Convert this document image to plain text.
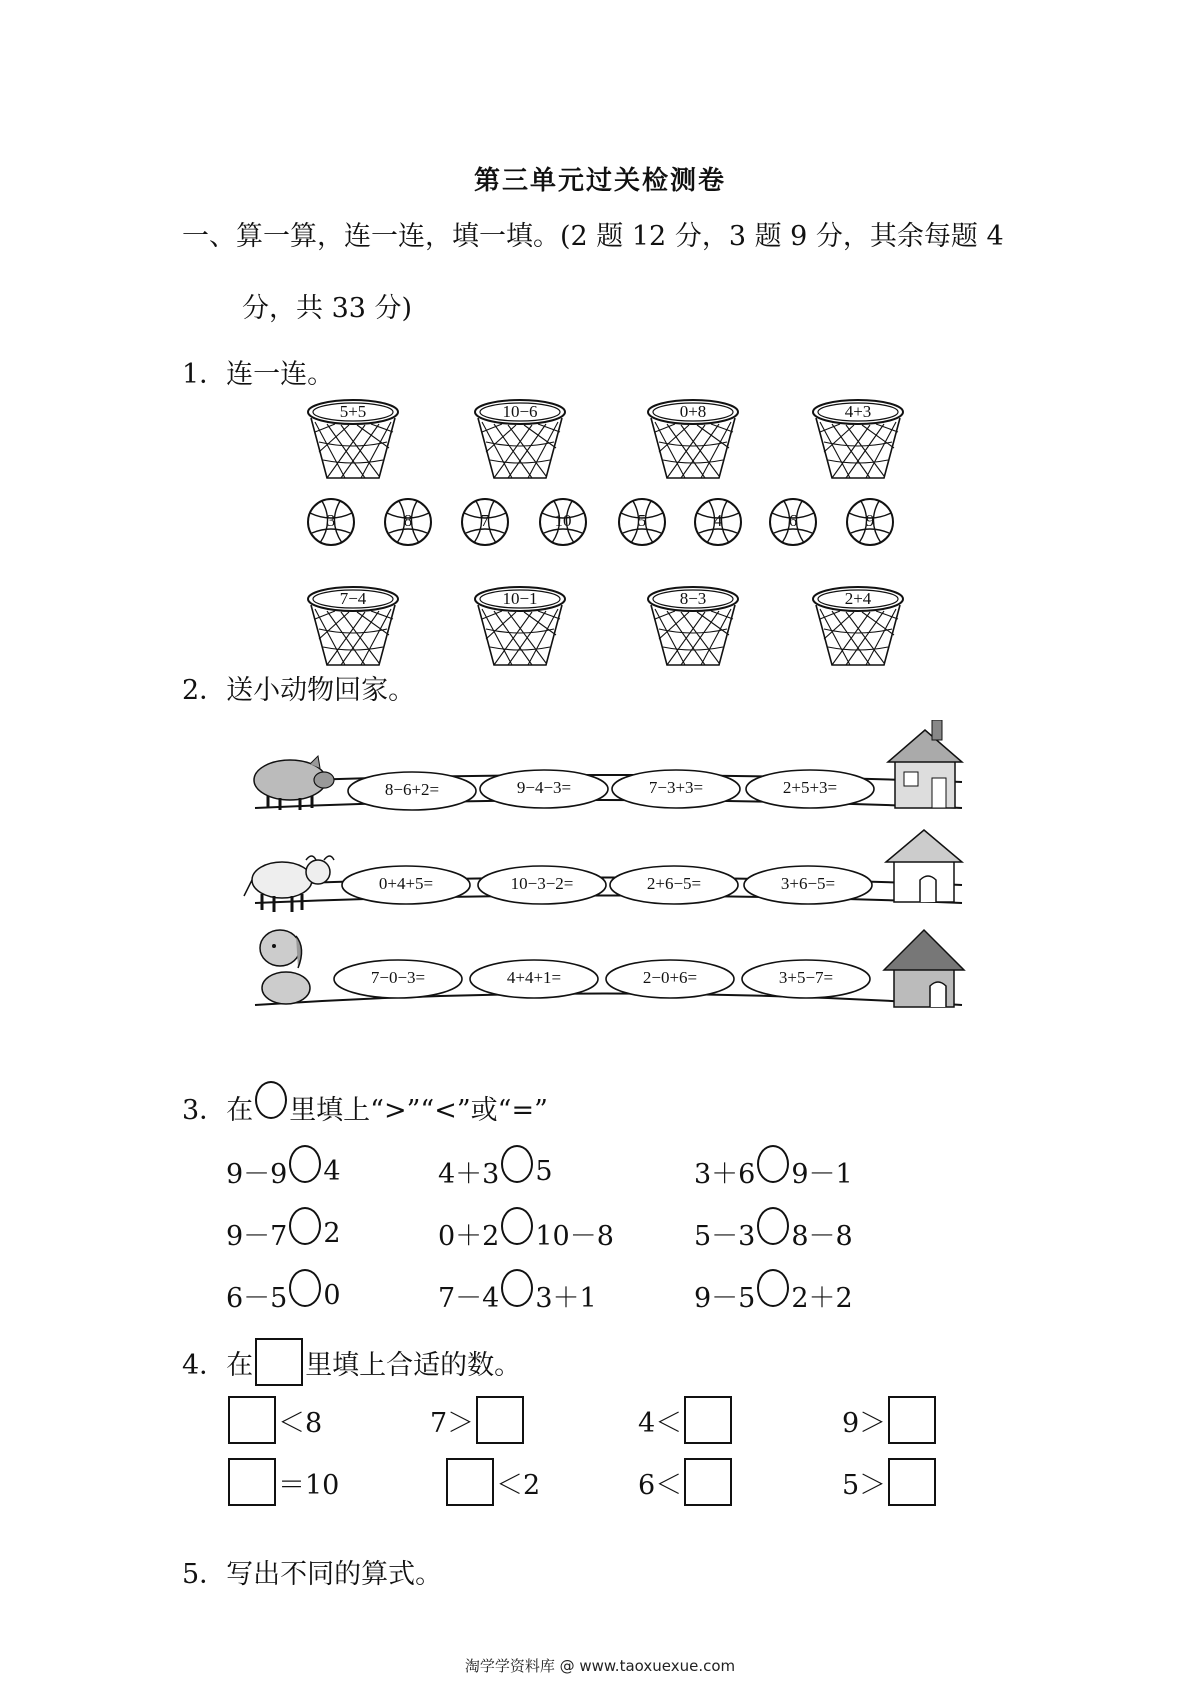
第三单元过关检测卷
一、算一算，连一连，填一填。(2 题 12 分，3 题 9 分，其余每题 4
分，共 33 分)
1．连一连。
5+5	10−6	0+8	4+3
3	8	7	10	5	4	6	9
7−4	10−1	8−3	2+4
2．送小动物回家。
8−6+2=	9−4−3=	7−3+3=	2+5+3=
0+4+5=	10−3−2=	2+6−5=	3+6−5=
7−0−3=	4+4+1=	2−0+6=	3+5−7=
3．在 里填上“>”“<”或“=”
9－9 4	4＋3 5	3＋6 9－1
9－7 2	0＋2 10－8	5－3 8－8
6－5 0	7－4 3＋1	9－5 2＋2
4．在 里填上合适的数。
＜8	7＞	4＜	9＞
＝10	＜2	6＜	5＞
5．写出不同的算式。
淘学学资料库 @ www.taoxuexue.com
